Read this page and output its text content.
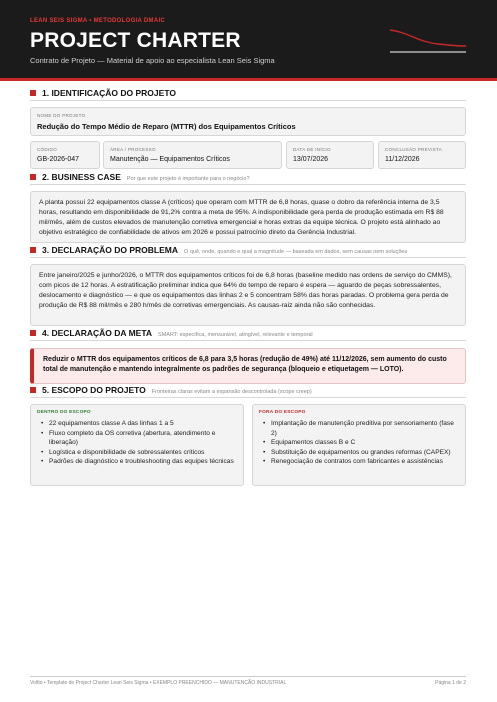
LEAN SEIS SIGMA • METODOLOGIA DMAIC
PROJECT CHARTER
Contrato de Projeto — Material de apoio ao especialista Lean Seis Sigma
1. IDENTIFICAÇÃO DO PROJETO
NOME DO PROJETO
Redução do Tempo Médio de Reparo (MTTR) dos Equipamentos Críticos
CÓDIGO
GB-2026-047
ÁREA / PROCESSO
Manutenção — Equipamentos Críticos
DATA DE INÍCIO
13/07/2026
CONCLUSÃO PREVISTA
11/12/2026
2. BUSINESS CASE Por que este projeto é importante para o negócio?
A planta possui 22 equipamentos classe A (críticos) que operam com MTTR de 6,8 horas, quase o dobro da referência interna de 3,5 horas, resultando em disponibilidade de 91,2% contra a meta de 95%. A indisponibilidade gera perda de produção estimada em R$ 88 mil/mês, além de custos elevados de manutenção corretiva emergencial e horas extras da equipe técnica. O projeto está alinhado ao objetivo estratégico de confiabilidade de ativos em 2026 e possui patrocínio direto da Gerência Industrial.
3. DECLARAÇÃO DO PROBLEMA O quê, onde, quando e qual a magnitude — baseada em dados, sem causas nem soluções
Entre janeiro/2025 e junho/2026, o MTTR dos equipamentos críticos foi de 6,8 horas (baseline medido nas ordens de serviço do CMMS), com picos de 12 horas. A estratificação preliminar indica que 64% do tempo de reparo é espera — aguardo de peças sobressalentes, deslocamento e diagnóstico — e que os equipamentos das linhas 2 e 5 concentram 58% das horas paradas. O problema gera perda de produção de R$ 88 mil/mês e 280 h/mês de corretivas emergenciais. As causas-raiz ainda não são conhecidas.
4. DECLARAÇÃO DA META SMART: específica, mensurável, atingível, relevante e temporal
Reduzir o MTTR dos equipamentos críticos de 6,8 para 3,5 horas (redução de 49%) até 11/12/2026, sem aumento do custo total de manutenção e mantendo integralmente os padrões de segurança (bloqueio e etiquetagem — LOTO).
5. ESCOPO DO PROJETO Fronteiras claras evitam a expansão descontrolada (scope creep)
DENTRO DO ESCOPO
• 22 equipamentos classe A das linhas 1 a 5
• Fluxo completo da OS corretiva (abertura, atendimento e liberação)
• Logística e disponibilidade de sobressalentes críticos
• Padrões de diagnóstico e troubleshooting das equipes técnicas
FORA DO ESCOPO
• Implantação de manutenção preditiva por sensoriamento (fase 2)
• Equipamentos classes B e C
• Substituição de equipamentos ou grandes reformas (CAPEX)
• Renegociação de contratos com fabricantes e assistências
Voltto • Template de Project Charter Lean Seis Sigma • EXEMPLO PREENCHIDO — MANUTENÇÃO INDUSTRIAL	Página 1 de 2
